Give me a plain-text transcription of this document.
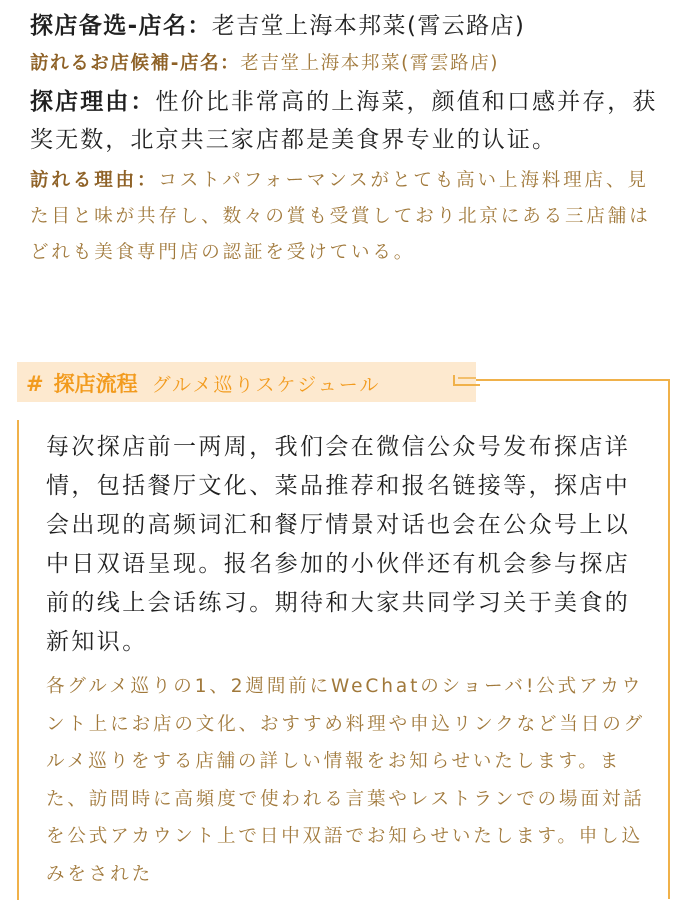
探店备选-店名：老吉堂上海本邦菜(霄云路店)

訪れるお店候補-店名：老吉堂上海本邦菜(霄雲路店)

探店理由：性价比非常高的上海菜，颜值和口感并存，获奖无数，北京共三家店都是美食界专业的认证。

訪れる理由：コストパフォーマンスがとても高い上海料理店、見た目と味が共存し、数々の賞も受賞しており北京にある三店舗はどれも美食専門店の認証を受けている。

# 探店流程 グルメ巡りスケジュール

每次探店前一两周，我们会在微信公众号发布探店详情，包括餐厅文化、菜品推荐和报名链接等，探店中会出现的高频词汇和餐厅情景对话也会在公众号上以中日双语呈现。报名参加的小伙伴还有机会参与探店前的线上会话练习。期待和大家共同学习关于美食的新知识。

各グルメ巡りの1、2週間前にWeChatのショーバ!公式アカウント上にお店の文化、おすすめ料理や申込リンクなど当日のグルメ巡りをする店舗の詳しい情報をお知らせいたします。また、訪問時に高頻度で使われる言葉やレストランでの場面対話を公式アカウント上で日中双語でお知らせいたします。申し込みをされた
